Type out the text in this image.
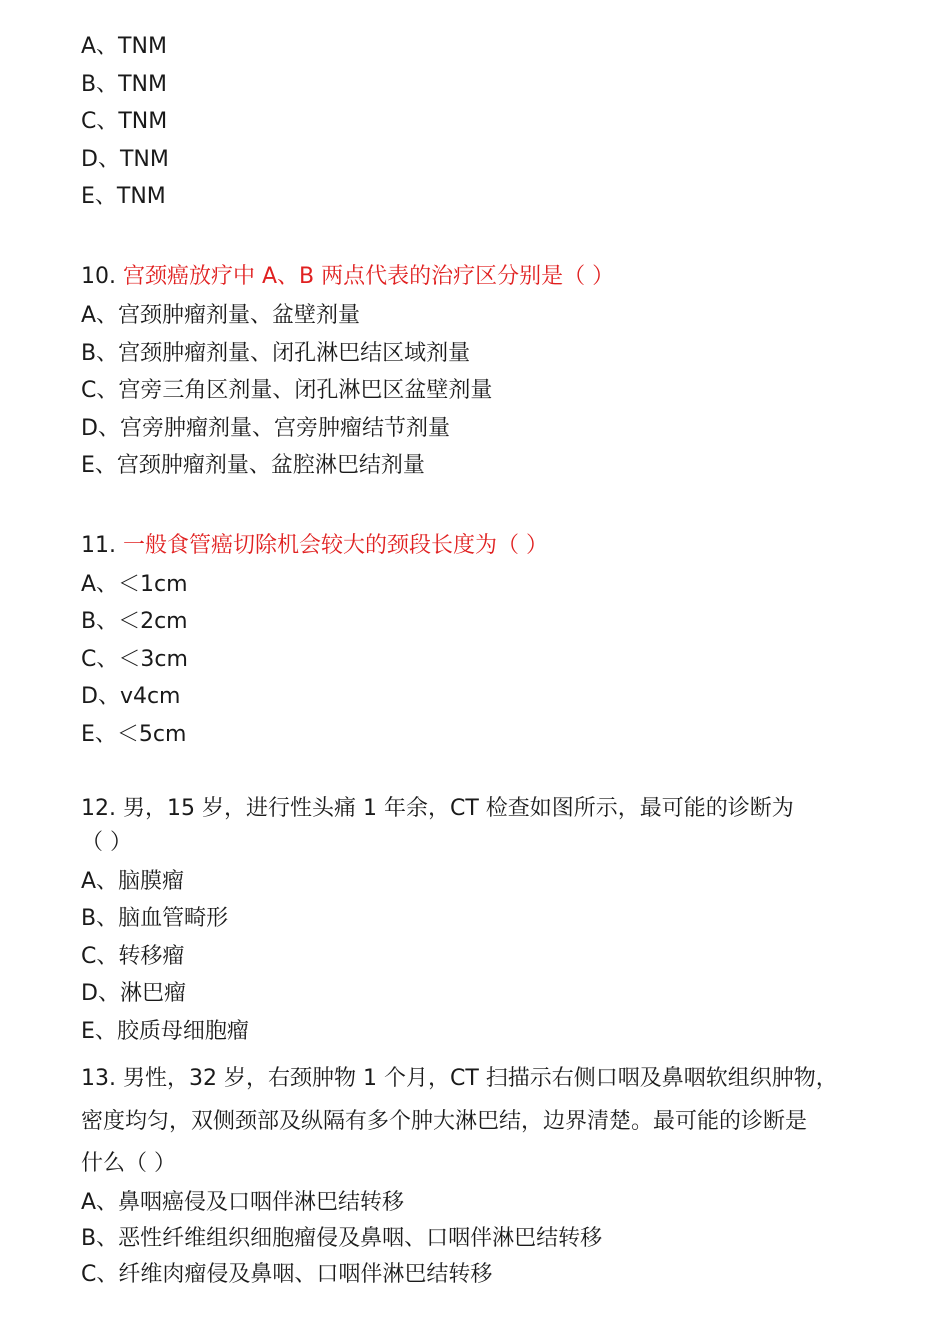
A、TNM
B、TNM
C、TNM
D、TNM
E、TNM
10. 宫颈癌放疗中 A、B 两点代表的治疗区分别是（ ）
A、宫颈肿瘤剂量、盆壁剂量
B、宫颈肿瘤剂量、闭孔淋巴结区域剂量
C、宫旁三角区剂量、闭孔淋巴区盆壁剂量
D、宫旁肿瘤剂量、宫旁肿瘤结节剂量
E、宫颈肿瘤剂量、盆腔淋巴结剂量
11. 一般食管癌切除机会较大的颈段长度为（ ）
A、＜1cm
B、＜2cm
C、＜3cm
D、v4cm
E、＜5cm
12. 男，15 岁，进行性头痛 1 年余，CT 检查如图所示，最可能的诊断为
（ ）
A、脑膜瘤
B、脑血管畸形
C、转移瘤
D、淋巴瘤
E、胶质母细胞瘤
13. 男性，32 岁，右颈肿物 1 个月，CT 扫描示右侧口咽及鼻咽软组织肿物，
密度均匀，双侧颈部及纵隔有多个肿大淋巴结，边界清楚。最可能的诊断是
什么（ ）
A、鼻咽癌侵及口咽伴淋巴结转移
B、恶性纤维组织细胞瘤侵及鼻咽、口咽伴淋巴结转移
C、纤维肉瘤侵及鼻咽、口咽伴淋巴结转移
